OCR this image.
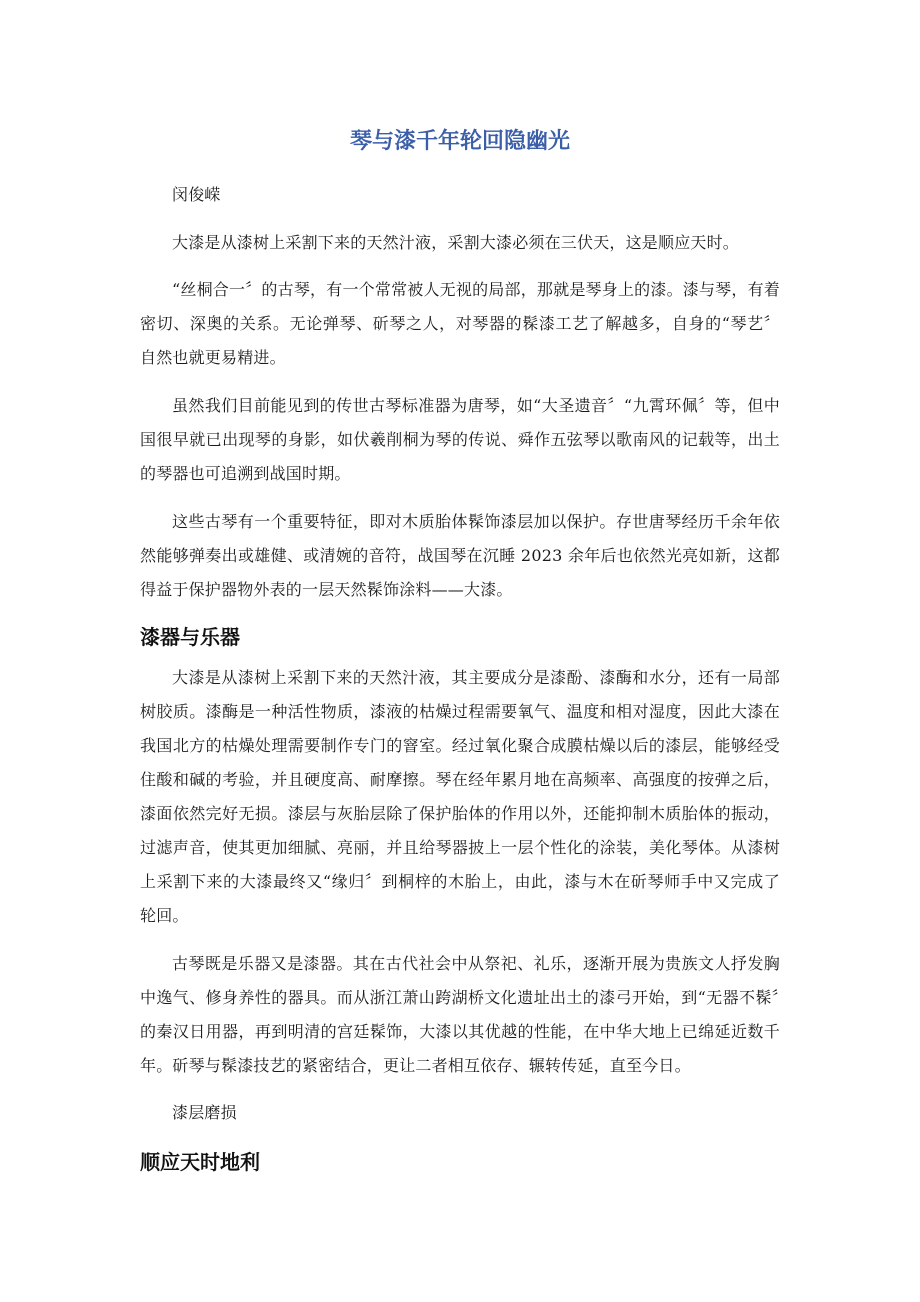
琴与漆千年轮回隐幽光

闵俊嵘

大漆是从漆树上采割下来的天然汁液，采割大漆必须在三伏天，这是顺应天时。

“丝桐合一〞的古琴，有一个常常被人无视的局部，那就是琴身上的漆。漆与琴，有着密切、深奥的关系。无论弹琴、斫琴之人，对琴器的髹漆工艺了解越多，自身的“琴艺〞自然也就更易精进。

虽然我们目前能见到的传世古琴标准器为唐琴，如“大圣遗音〞“九霄环佩〞等，但中国很早就已出现琴的身影，如伏羲削桐为琴的传说、舜作五弦琴以歌南风的记载等，出土的琴器也可追溯到战国时期。

这些古琴有一个重要特征，即对木质胎体髹饰漆层加以保护。存世唐琴经历千余年依然能够弹奏出或雄健、或清婉的音符，战国琴在沉睡 2023 余年后也依然光亮如新，这都得益于保护器物外表的一层天然髹饰涂料——大漆。

漆器与乐器

大漆是从漆树上采割下来的天然汁液，其主要成分是漆酚、漆酶和水分，还有一局部树胶质。漆酶是一种活性物质，漆液的枯燥过程需要氧气、温度和相对湿度，因此大漆在我国北方的枯燥处理需要制作专门的窨室。经过氧化聚合成膜枯燥以后的漆层，能够经受住酸和碱的考验，并且硬度高、耐摩擦。琴在经年累月地在高频率、高强度的按弹之后，漆面依然完好无损。漆层与灰胎层除了保护胎体的作用以外，还能抑制木质胎体的振动，过滤声音，使其更加细腻、亮丽，并且给琴器披上一层个性化的涂装，美化琴体。从漆树上采割下来的大漆最终又“缘归〞到桐梓的木胎上，由此，漆与木在斫琴师手中又完成了轮回。

古琴既是乐器又是漆器。其在古代社会中从祭祀、礼乐，逐渐开展为贵族文人抒发胸中逸气、修身养性的器具。而从浙江萧山跨湖桥文化遗址出土的漆弓开始，到“无器不髹〞的秦汉日用器，再到明清的宫廷髹饰，大漆以其优越的性能，在中华大地上已绵延近数千年。斫琴与髹漆技艺的紧密结合，更让二者相互依存、辗转传延，直至今日。

漆层磨损

顺应天时地利
